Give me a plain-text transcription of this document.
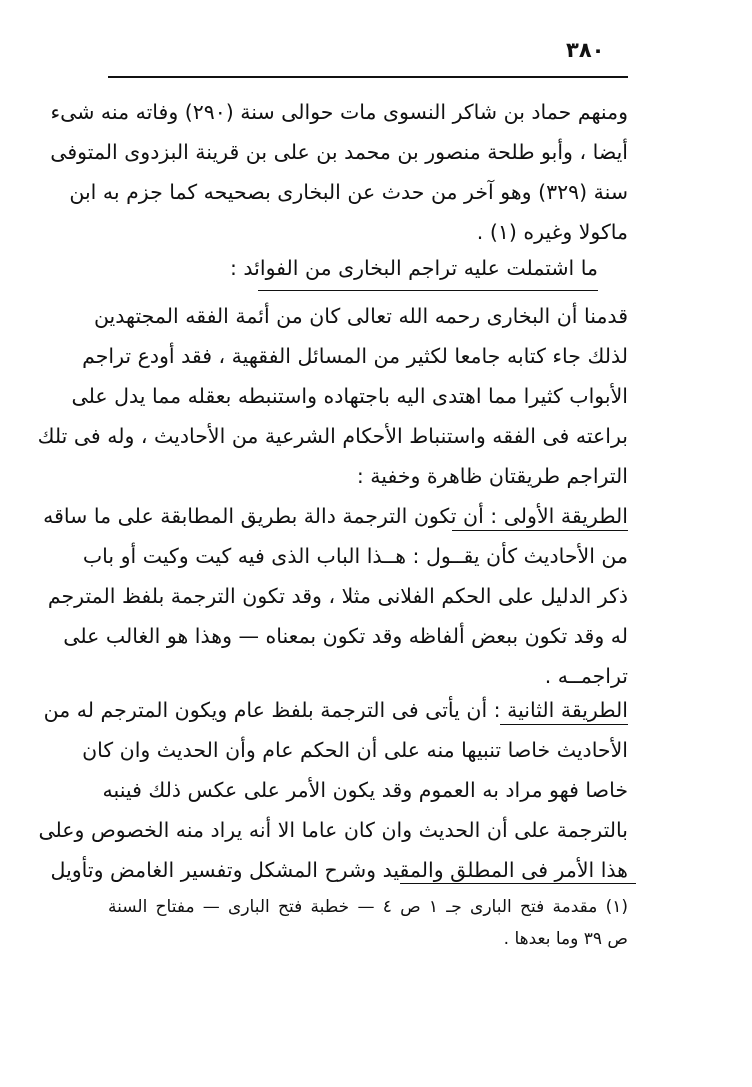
٣٨٠
ومنهم حماد بن شاكر النسوى مات حوالى سنة (٢٩٠) وفاته منه شىء
أيضا ، وأبو طلحة منصور بن محمد بن على بن قرينة البزدوى المتوفى
سنة (٣٢٩) وهو آخر من حدث عن البخارى بصحيحه كما جزم به ابن
ماكولا وغيره (١) .
ما اشتملت عليه تراجم البخارى من الفوائد :
قدمنا أن البخارى رحمه الله تعالى كان من أئمة الفقه المجتهدين
لذلك جاء كتابه جامعا لكثير من المسائل الفقهية ، فقد أودع تراجم
الأبواب كثيرا مما اهتدى اليه باجتهاده واستنبطه بعقله مما يدل على
براعته فى الفقه واستنباط الأحكام الشرعية من الأحاديث ، وله فى تلك
التراجم طريقتان ظاهرة وخفية :
الطريقة الأولى : أن تكون الترجمة دالة بطريق المطابقة على ما ساقه
من الأحاديث كأن يقــول : هــذا الباب الذى فيه كيت وكيت أو باب
ذكر الدليل على الحكم الفلانى مثلا ، وقد تكون الترجمة بلفظ المترجم
له وقد تكون ببعض ألفاظه وقد تكون بمعناه — وهذا هو الغالب على
تراجمــه .
الطريقة الثانية : أن يأتى فى الترجمة بلفظ عام ويكون المترجم له من
الأحاديث خاصا تنبيها منه على أن الحكم عام وأن الحديث وان كان
خاصا فهو مراد به العموم وقد يكون الأمر على عكس ذلك فينبه
بالترجمة على أن الحديث وان كان عاما الا أنه يراد منه الخصوص وعلى
هذا الأمر فى المطلق والمقيد وشرح المشكل وتفسير الغامض وتأويل
(١) مقدمة فتح البارى جـ ١ ص ٤ — خطبة فتح البارى — مفتاح السنة
ص ٣٩ وما بعدها .
